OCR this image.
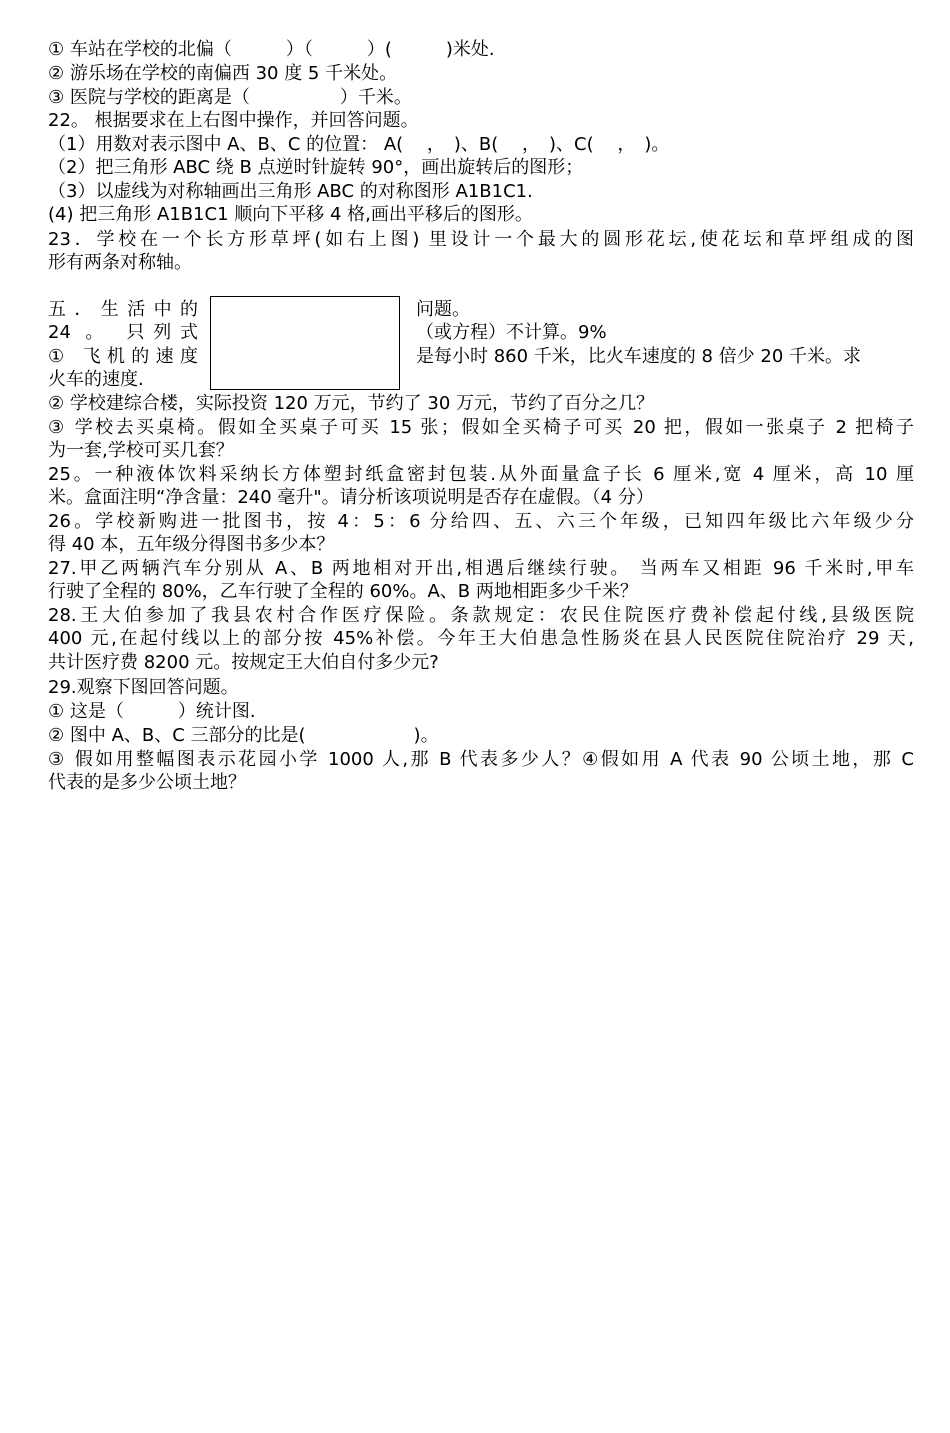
① 车站在学校的北偏（　　　）（　　　）(　　　)米处.
② 游乐场在学校的南偏西 30 度 5 千米处。
③ 医院与学校的距离是（　　　　　）千米。
22。 根据要求在上右图中操作，并回答问题。
（1）用数对表示图中 A、B、C 的位置： A(　 ，　)、B(　 ，　)、C(　 ，　)。
（2）把三角形 ABC 绕 B 点逆时针旋转 90°，画出旋转后的图形；
（3）以虚线为对称轴画出三角形 ABC 的对称图形 A1B1C1.
(4) 把三角形 A1B1C1 顺向下平移 4 格,画出平移后的图形。
23．学校在一个长方形草坪(如右上图) 里设计一个最大的圆形花坛,使花坛和草坪组成的图
形有两条对称轴。
五．生活中的
24 。 只列式
① 飞机的速度
火车的速度.
问题。
（或方程）不计算。9%
是每小时 860 千米，比火车速度的 8 倍少 20 千米。求
② 学校建综合楼，实际投资 120 万元，节约了 30 万元，节约了百分之几？
③ 学校去买桌椅。假如全买桌子可买 15 张；假如全买椅子可买 20 把，假如一张桌子 2 把椅子
为一套,学校可买几套？
25。一种液体饮料采纳长方体塑封纸盒密封包装.从外面量盒子长 6 厘米,宽 4 厘米，高 10 厘
米。盒面注明“净含量：240 毫升"。请分析该项说明是否存在虚假。（4 分）
26。学校新购进一批图书，按 4：5：6 分给四、五、六三个年级，已知四年级比六年级少分
得 40 本，五年级分得图书多少本？
27.甲乙两辆汽车分别从 A、B 两地相对开出,相遇后继续行驶。 当两车又相距 96 千米时,甲车
行驶了全程的 80%，乙车行驶了全程的 60%。A、B 两地相距多少千米？
28.王大伯参加了我县农村合作医疗保险。条款规定：农民住院医疗费补偿起付线,县级医院
400 元,在起付线以上的部分按 45%补偿。今年王大伯患急性肠炎在县人民医院住院治疗 29 天,
共计医疗费 8200 元。按规定王大伯自付多少元?
29.观察下图回答问题。
① 这是（　　　）统计图.
② 图中 A、B、C 三部分的比是(　　　　　　)。
③ 假如用整幅图表示花园小学 1000 人,那 B 代表多少人？④假如用 A 代表 90 公顷土地，那 C
代表的是多少公顷土地？
